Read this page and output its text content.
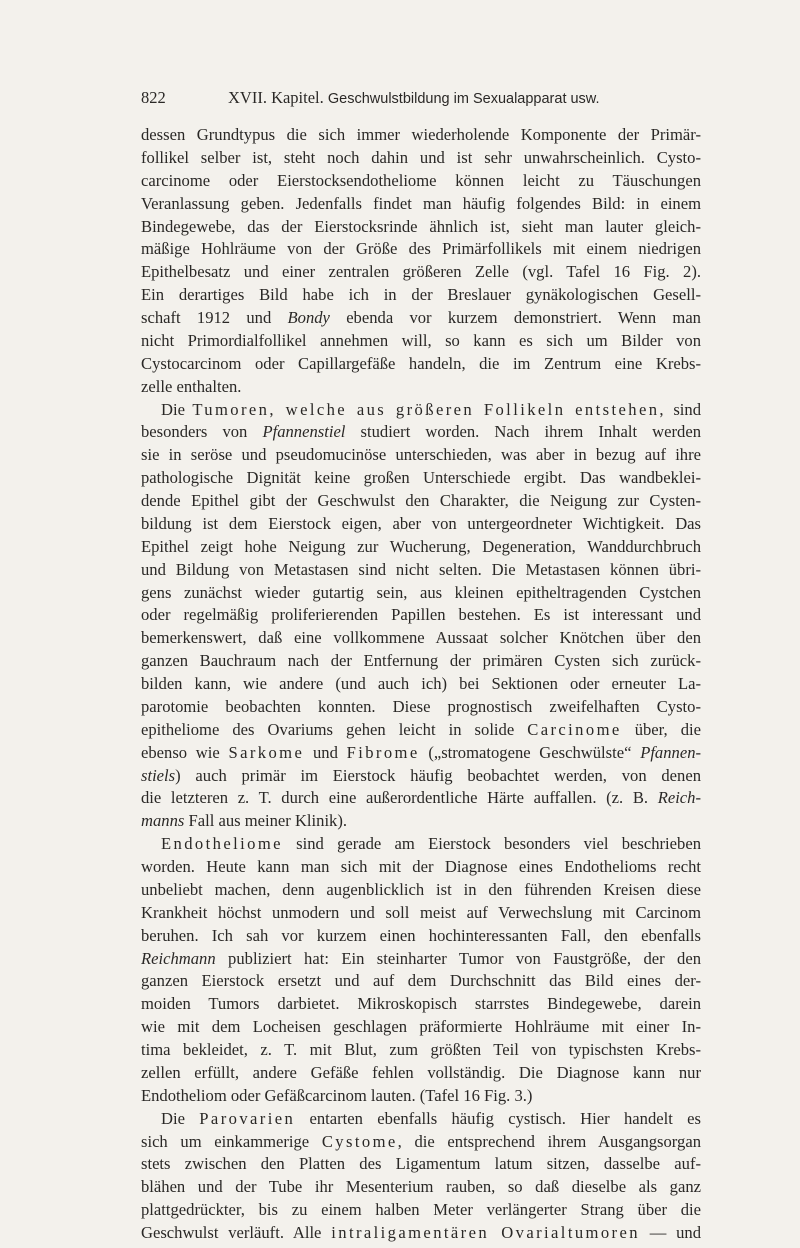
822	XVII. Kapitel. Geschwulstbildung im Sexualapparat usw.
dessen Grundtypus die sich immer wiederholende Komponente der Primär-
follikel selber ist, steht noch dahin und ist sehr unwahrscheinlich. Cysto-
carcinome oder Eierstocksendotheliome können leicht zu Täuschungen
Veranlassung geben. Jedenfalls findet man häufig folgendes Bild: in einem
Bindegewebe, das der Eierstocksrinde ähnlich ist, sieht man lauter gleich-
mäßige Hohlräume von der Größe des Primärfollikels mit einem niedrigen
Epithelbesatz und einer zentralen größeren Zelle (vgl. Tafel 16 Fig. 2).
Ein derartiges Bild habe ich in der Breslauer gynäkologischen Gesell-
schaft 1912 und Bondy ebenda vor kurzem demonstriert. Wenn man
nicht Primordialfollikel annehmen will, so kann es sich um Bilder von
Cystocarcinom oder Capillargefäße handeln, die im Zentrum eine Krebs-
zelle enthalten.
Die Tumoren, welche aus größeren Follikeln entstehen, sind
besonders von Pfannenstiel studiert worden. Nach ihrem Inhalt werden
sie in seröse und pseudomucinöse unterschieden, was aber in bezug auf ihre
pathologische Dignität keine großen Unterschiede ergibt. Das wandbeklei-
dende Epithel gibt der Geschwulst den Charakter, die Neigung zur Cysten-
bildung ist dem Eierstock eigen, aber von untergeordneter Wichtigkeit. Das
Epithel zeigt hohe Neigung zur Wucherung, Degeneration, Wanddurchbruch
und Bildung von Metastasen sind nicht selten. Die Metastasen können übri-
gens zunächst wieder gutartig sein, aus kleinen epitheltragenden Cystchen
oder regelmäßig proliferierenden Papillen bestehen. Es ist interessant und
bemerkenswert, daß eine vollkommene Aussaat solcher Knötchen über den
ganzen Bauchraum nach der Entfernung der primären Cysten sich zurück-
bilden kann, wie andere (und auch ich) bei Sektionen oder erneuter La-
parotomie beobachten konnten. Diese prognostisch zweifelhaften Cysto-
epitheliome des Ovariums gehen leicht in solide Carcinome über, die
ebenso wie Sarkome und Fibrome („stromatogene Geschwülste“ Pfannen-
stiels) auch primär im Eierstock häufig beobachtet werden, von denen
die letzteren z. T. durch eine außerordentliche Härte auffallen. (z. B. Reich-
manns Fall aus meiner Klinik).
Endotheliome sind gerade am Eierstock besonders viel beschrieben
worden. Heute kann man sich mit der Diagnose eines Endothelioms recht
unbeliebt machen, denn augenblicklich ist in den führenden Kreisen diese
Krankheit höchst unmodern und soll meist auf Verwechslung mit Carcinom
beruhen. Ich sah vor kurzem einen hochinteressanten Fall, den ebenfalls
Reichmann publiziert hat: Ein steinharter Tumor von Faustgröße, der den
ganzen Eierstock ersetzt und auf dem Durchschnitt das Bild eines der-
moiden Tumors darbietet. Mikroskopisch starrstes Bindegewebe, darein
wie mit dem Locheisen geschlagen präformierte Hohlräume mit einer In-
tima bekleidet, z. T. mit Blut, zum größten Teil von typischsten Krebs-
zellen erfüllt, andere Gefäße fehlen vollständig. Die Diagnose kann nur
Endotheliom oder Gefäßcarcinom lauten. (Tafel 16 Fig. 3.)
Die Parovarien entarten ebenfalls häufig cystisch. Hier handelt es
sich um einkammerige Cystome, die entsprechend ihrem Ausgangsorgan
stets zwischen den Platten des Ligamentum latum sitzen, dasselbe auf-
blähen und der Tube ihr Mesenterium rauben, so daß dieselbe als ganz
plattgedrückter, bis zu einem halben Meter verlängerter Strang über die
Geschwulst verläuft. Alle intraligamentären Ovarialtumoren — und
